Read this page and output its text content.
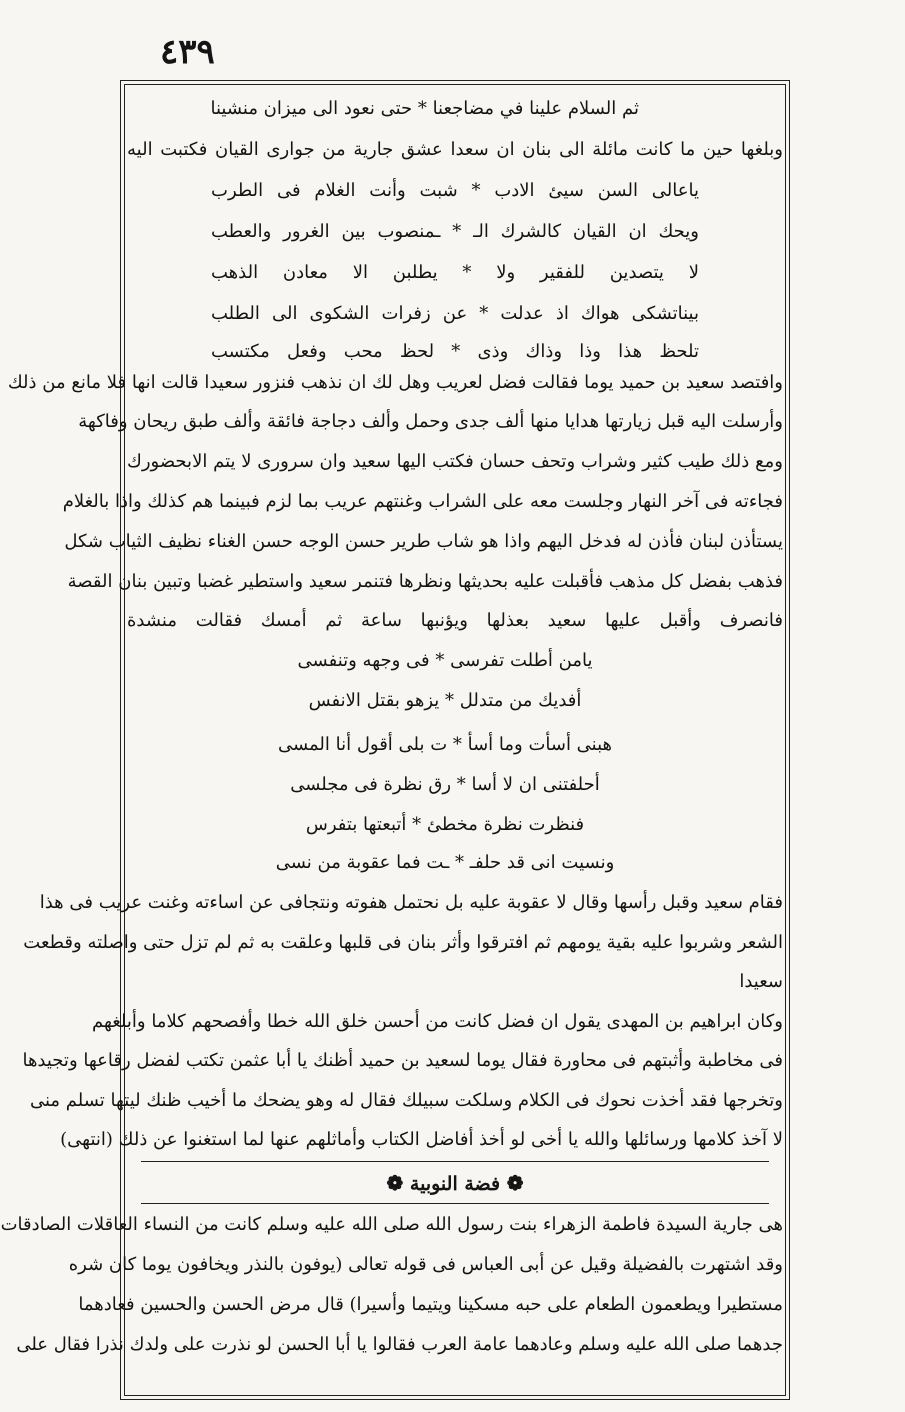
٤٣٩
ثم السلام علينا في مضاجعنا * حتى نعود الى ميزان منشينا
وبلغها حين ما كانت مائلة الى بنان ان سعدا عشق جارية من جوارى القيان فكتبت اليه
ياعالى السن سيئ الادب * شبت وأنت الغلام فى الطرب
ويحك ان القيان كالشرك الـ * ـمنصوب بين الغرور والعطب
لا يتصدين للفقير ولا * يطلبن الا معادن الذهب
بيناتشكى هواك اذ عدلت * عن زفرات الشكوى الى الطلب
تلحظ هذا وذا وذاك وذى * لحظ محب وفعل مكتسب
وافتصد سعيد بن حميد يوما فقالت فضل لعريب وهل لك ان نذهب فنزور سعيدا قالت انها فلا مانع من ذلك
وأرسلت اليه قبل زيارتها هدايا منها ألف جدى وحمل وألف دجاجة فائقة وألف طبق ريحان وفاكهة
ومع ذلك طيب كثير وشراب وتحف حسان فكتب اليها سعيد وان سرورى لا يتم الابحضورك
فجاءته فى آخر النهار وجلست معه على الشراب وغنتهم عريب بما لزم فبينما هم كذلك واذا بالغلام
يستأذن لبنان فأذن له فدخل اليهم واذا هو شاب طرير حسن الوجه حسن الغناء نظيف الثياب شكل
فذهب بفضل كل مذهب فأقبلت عليه بحديثها ونظرها فتنمر سعيد واستطير غضبا وتبين بنان القصة
فانصرف وأقبل عليها سعيد بعذلها ويؤنبها ساعة ثم أمسك فقالت منشدة
يامن أطلت تفرسى * فى وجهه وتنفسى
أفديك من متدلل * يزهو بقتل الانفس
هبنى أسأت وما أسأ * ت بلى أقول أنا المسى
أحلفتنى ان لا أسا * رق نظرة فى مجلسى
فنظرت نظرة مخطئ * أتبعتها بتفرس
ونسيت انى قد حلفـ * ـت فما عقوبة من نسى
فقام سعيد وقبل رأسها وقال لا عقوبة عليه بل نحتمل هفوته ونتجافى عن اساءته وغنت عريب فى هذا
الشعر وشربوا عليه بقية يومهم ثم افترقوا وأثر بنان فى قلبها وعلقت به ثم لم تزل حتى واصلته وقطعت
سعيدا
وكان ابراهيم بن المهدى يقول ان فضل كانت من أحسن خلق الله خطا وأفصحهم كلاما وأبلغهم
فى مخاطبة وأثبتهم فى محاورة فقال يوما لسعيد بن حميد أظنك يا أبا عثمن تكتب لفضل رقاعها وتجيدها
وتخرجها فقد أخذت نحوك فى الكلام وسلكت سبيلك فقال له وهو يضحك ما أخيب ظنك ليتها تسلم منى
لا آخذ كلامها ورسائلها والله يا أخى لو أخذ أفاضل الكتاب وأماثلهم عنها لما استغنوا عن ذلك (انتهى)
❁ فضة النوبية ❁
هى جارية السيدة فاطمة الزهراء بنت رسول الله صلى الله عليه وسلم كانت من النساء العاقلات الصادقات
وقد اشتهرت بالفضيلة وقيل عن أبى العباس فى قوله تعالى (يوفون بالنذر ويخافون يوما كان شره
مستطيرا ويطعمون الطعام على حبه مسكينا ويتيما وأسيرا) قال مرض الحسن والحسين فعادهما
جدهما صلى الله عليه وسلم وعادهما عامة العرب فقالوا يا أبا الحسن لو نذرت على ولدك نذرا فقال على
